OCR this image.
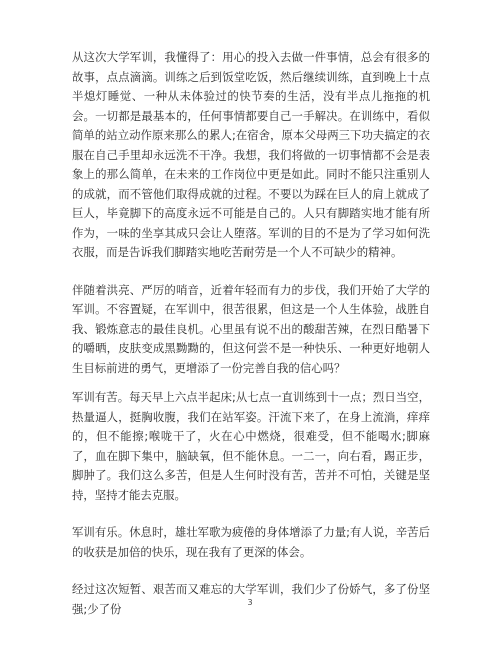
从这次大学军训，我懂得了：用心的投入去做一件事情，总会有很多的故事，点点滴滴。训练之后到饭堂吃饭，然后继续训练，直到晚上十点半熄灯睡觉、一种从未体验过的快节奏的生活，没有半点儿拖拖的机会。一切都是最基本的，任何事情都要自己一手解决。在训练中，看似简单的站立动作原来那么的累人;在宿舍，原本父母两三下功夫搞定的衣服在自己手里却永远洗不干净。我想，我们将做的一切事情都不会是表象上的那么简单，在未来的工作岗位中更是如此。同时不能只注重别人的成就，而不管他们取得成就的过程。不要以为踩在巨人的肩上就成了巨人，毕竟脚下的高度永远不可能是自己的。人只有脚踏实地才能有所作为，一味的坐享其成只会让人堕落。军训的目的不是为了学习如何洗衣服，而是告诉我们脚踏实地吃苦耐劳是一个人不可缺少的精神。

伴随着洪亮、严厉的哨音，近着年轻而有力的步伐，我们开始了大学的军训。不容置疑，在军训中，很苦很累，但这是一个人生体验，战胜自我、锻炼意志的最佳良机。心里虽有说不出的酸甜苦辣，在烈日酷暑下的嚼晒，皮肤变成黑黝黝的，但这何尝不是一种快乐、一种更好地朝人生目标前进的勇气，更增添了一份完善自我的信心吗？

军训有苦。每天早上六点半起床;从七点一直训练到十一点；烈日当空，热量逼人，挺胸收腹，我们在站军姿。汗流下来了，在身上流淌，痒痒的，但不能擦;喉咙干了，火在心中燃烧，很难受，但不能喝水;脚麻了，血在脚下集中，脑缺氧，但不能休息。一二一，向右看，踢正步，脚肿了。我们这么多苦，但是人生何时没有苦，苦并不可怕，关键是坚持，坚持才能去克服。

军训有乐。休息时，雄壮军歌为疲倦的身体增添了力量;有人说，辛苦后的收获是加倍的快乐，现在我有了更深的体会。

经过这次短暂、艰苦而又难忘的大学军训，我们少了份娇气，多了份坚强;少了份	3
